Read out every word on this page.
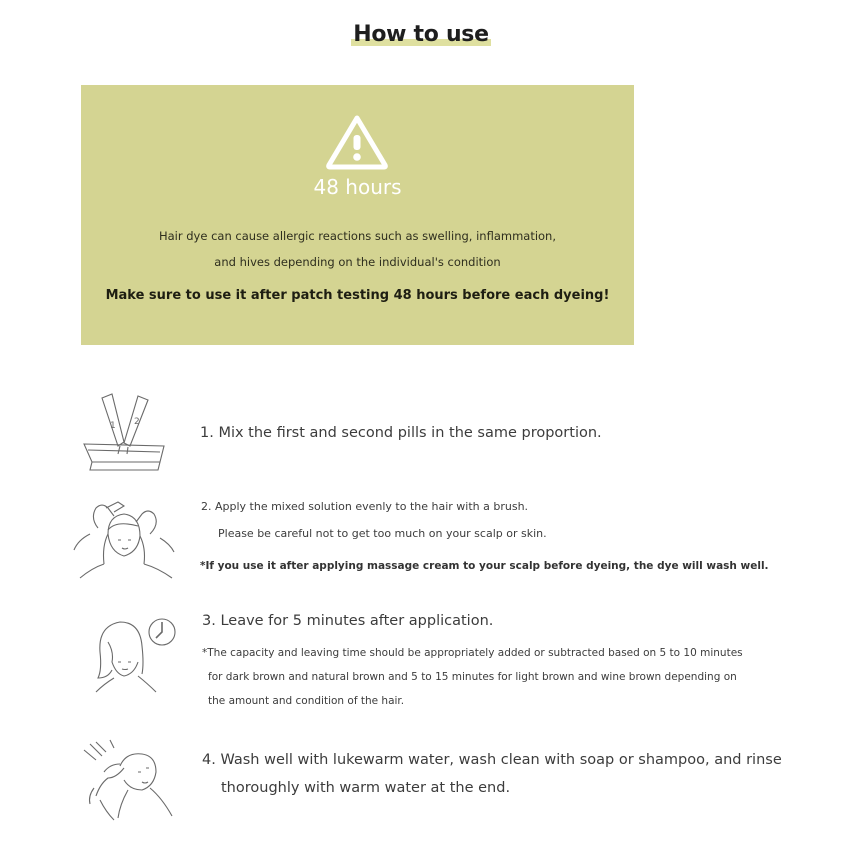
How to use
48 hours
Hair dye can cause allergic reactions such as swelling, inflammation,
and hives depending on the individual's condition
Make sure to use it after patch testing 48 hours before each dyeing!
1 2
1. Mix the first and second pills in the same proportion.
2. Apply the mixed solution evenly to the hair with a brush.
Please be careful not to get too much on your scalp or skin.
*If you use it after applying massage cream to your scalp before dyeing, the dye will wash well.
3. Leave for 5 minutes after application.
*The capacity and leaving time should be appropriately added or subtracted based on 5 to 10 minutes
for dark brown and natural brown and 5 to 15 minutes for light brown and wine brown depending on
the amount and condition of the hair.
4. Wash well with lukewarm water, wash clean with soap or shampoo, and rinse
thoroughly with warm water at the end.
